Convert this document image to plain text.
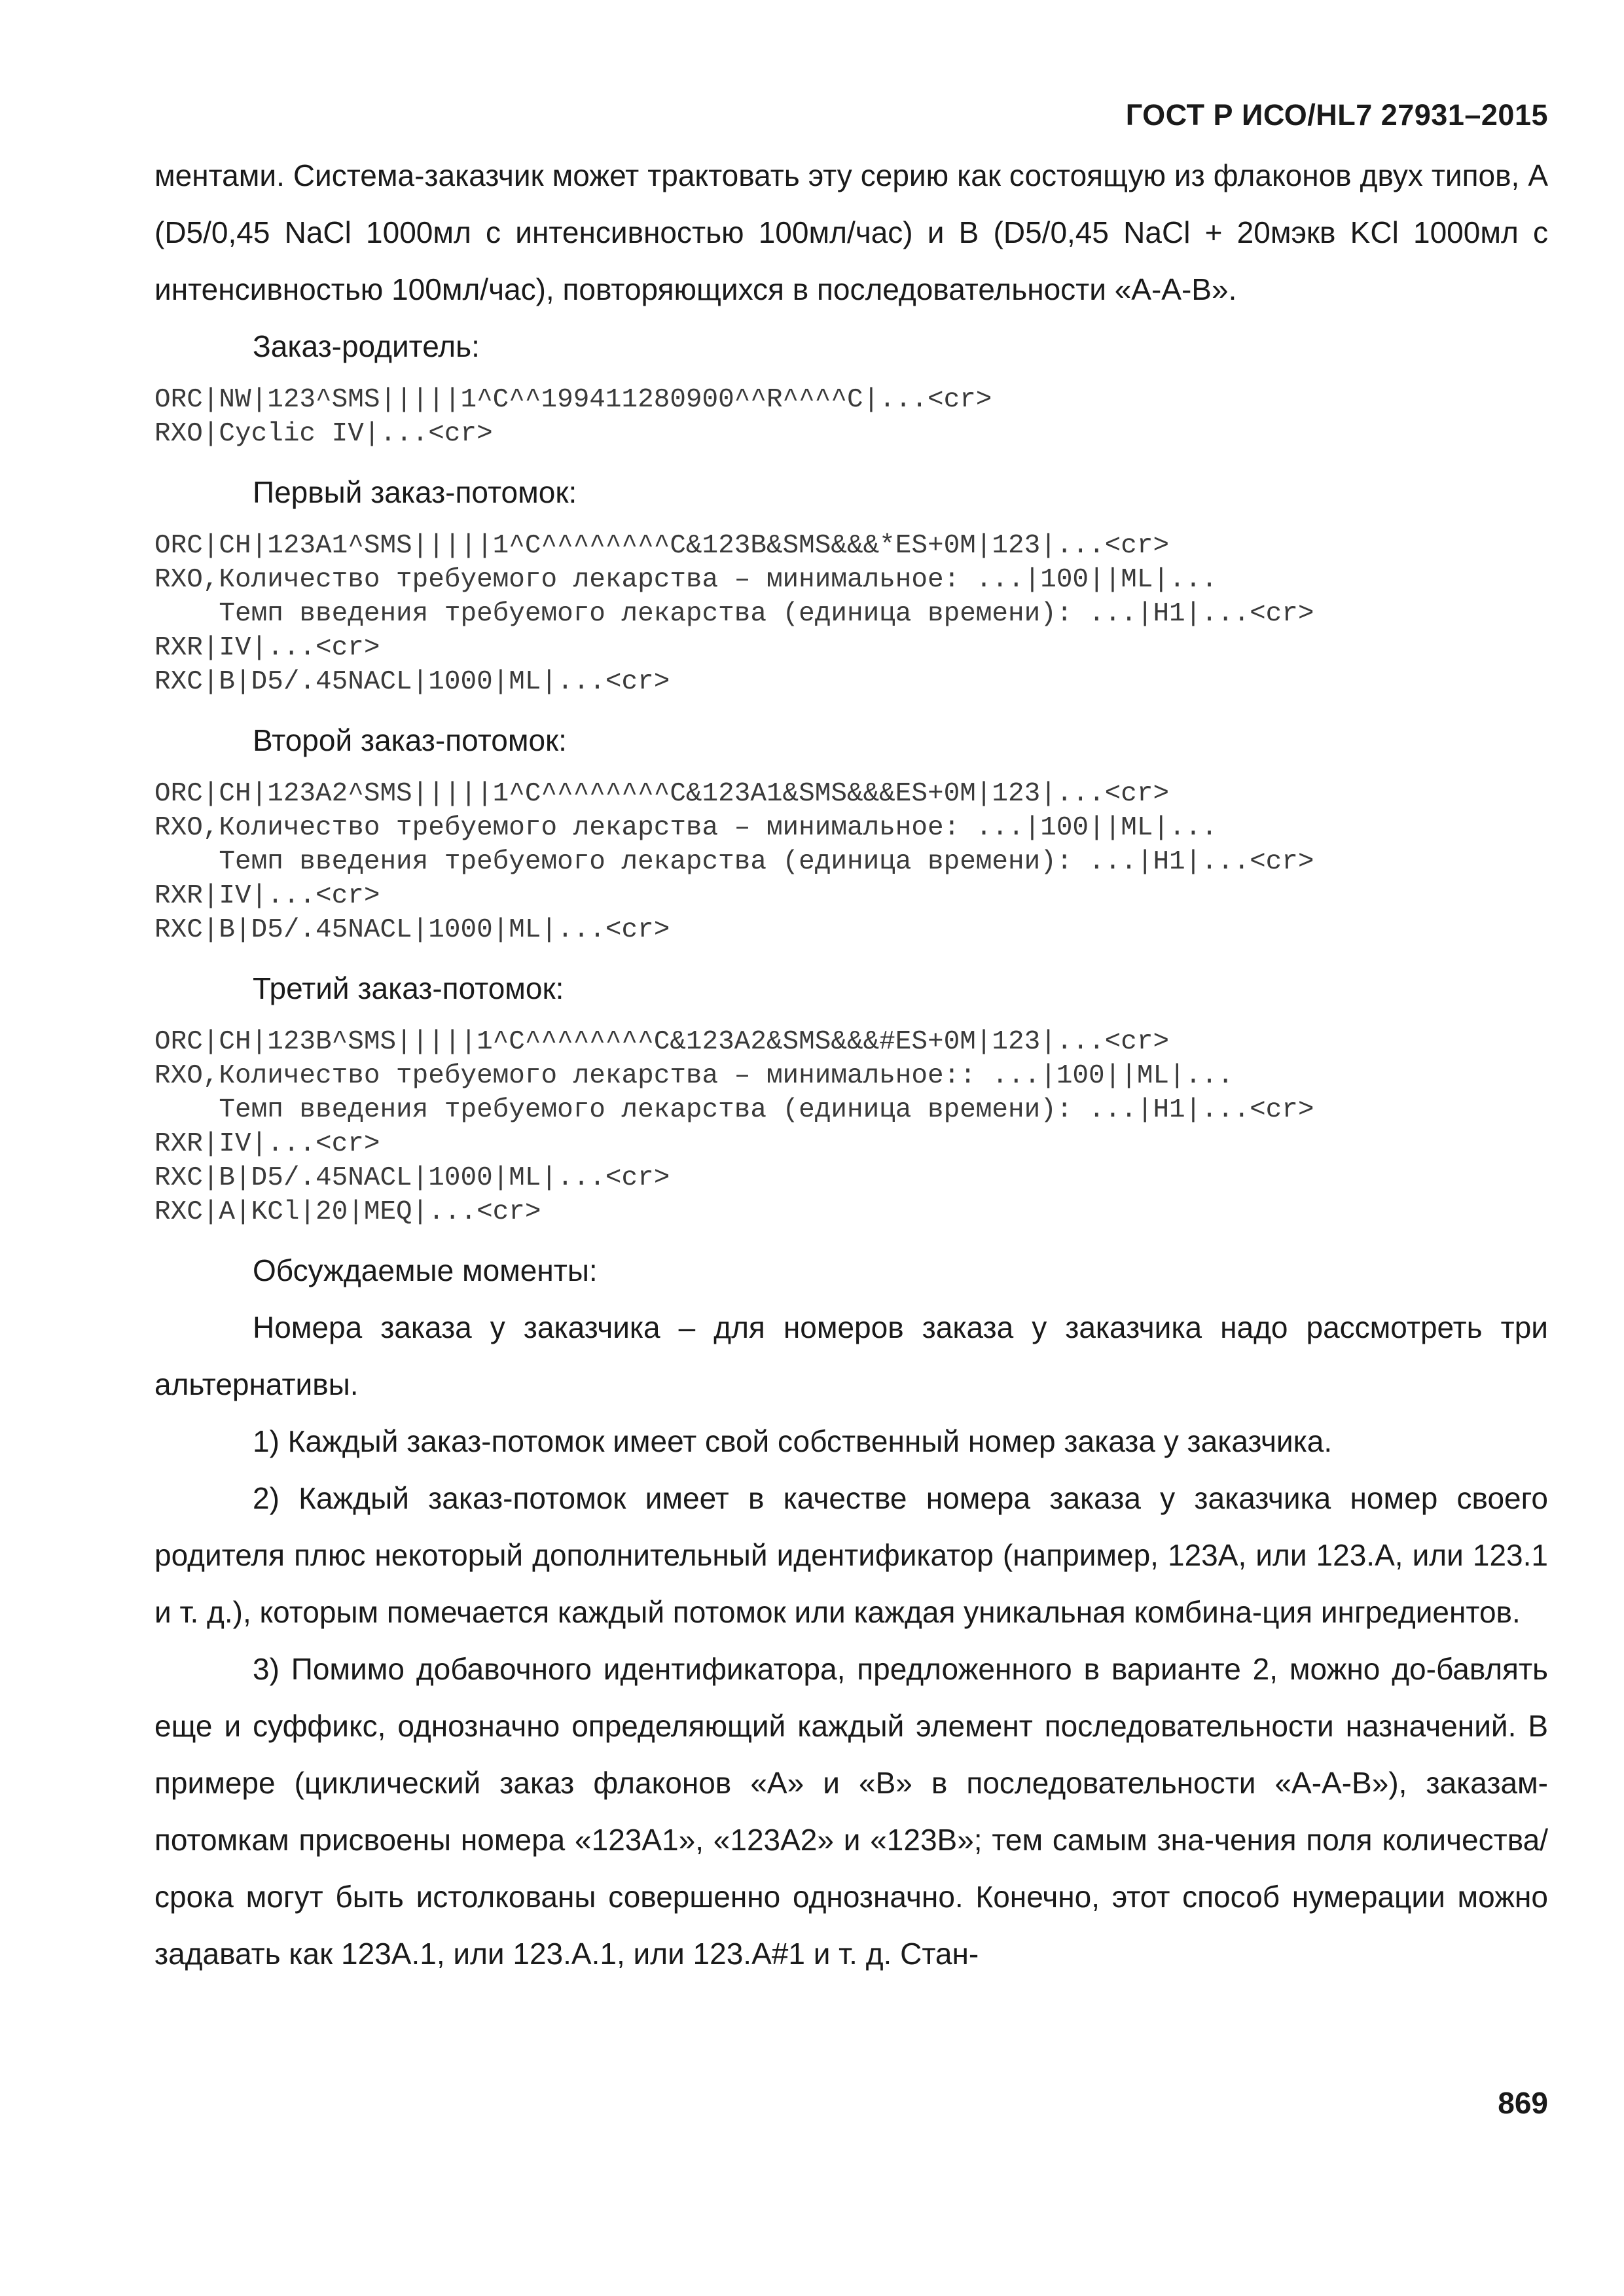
ГОСТ Р ИСО/HL7 27931–2015

ментами. Система-заказчик может трактовать эту серию как состоящую из флаконов двух типов, A (D5/0,45 NaCl 1000мл с интенсивностью 100мл/час) и B (D5/0,45 NaCl + 20мэкв KCl 1000мл с интенсивностью 100мл/час), повторяющихся в последовательности «A-A-B».

Заказ-родитель:
ORC|NW|123^SMS|||||1^C^^199411280900^^R^^^^C|...<cr>
RXO|Cyclic IV|...<cr>
Первый заказ-потомок:
ORC|CH|123A1^SMS|||||1^C^^^^^^^^C&123B&SMS&&&*ES+0M|123|...<cr>
RXO,Количество требуемого лекарства – минимальное: ...|100||ML|...
Темп введения требуемого лекарства (единица времени): ...|H1|...<cr>
RXR|IV|...<cr>
RXC|B|D5/.45NACL|1000|ML|...<cr>
Второй заказ-потомок:
ORC|CH|123A2^SMS|||||1^C^^^^^^^^C&123A1&SMS&&&ES+0M|123|...<cr>
RXO,Количество требуемого лекарства – минимальное: ...|100||ML|...
Темп введения требуемого лекарства (единица времени): ...|H1|...<cr>
RXR|IV|...<cr>
RXC|B|D5/.45NACL|1000|ML|...<cr>
Третий заказ-потомок:
ORC|CH|123B^SMS|||||1^C^^^^^^^^C&123A2&SMS&&&#ES+0M|123|...<cr>
RXO,Количество требуемого лекарства – минимальное:: ...|100||ML|...
Темп введения требуемого лекарства (единица времени): ...|H1|...<cr>
RXR|IV|...<cr>
RXC|B|D5/.45NACL|1000|ML|...<cr>
RXC|A|KCl|20|MEQ|...<cr>
Обсуждаемые моменты:

Номера заказа у заказчика – для номеров заказа у заказчика надо рассмотреть три альтернативы.

1) Каждый заказ-потомок имеет свой собственный номер заказа у заказчика.

2) Каждый заказ-потомок имеет в качестве номера заказа у заказчика номер своего родителя плюс некоторый дополнительный идентификатор (например, 123A, или 123.A, или 123.1 и т. д.), которым помечается каждый потомок или каждая уникальная комбина-ция ингредиентов.

3) Помимо добавочного идентификатора, предложенного в варианте 2, можно до-бавлять еще и суффикс, однозначно определяющий каждый элемент последовательности назначений. В примере (циклический заказ флаконов «A» и «B» в последовательности «A-A-B»), заказам-потомкам присвоены номера «123A1», «123A2» и «123B»; тем самым зна-чения поля количества/срока могут быть истолкованы совершенно однозначно. Конечно, этот способ нумерации можно задавать как 123A.1, или 123.A.1, или 123.A#1 и т. д. Стан-

869
